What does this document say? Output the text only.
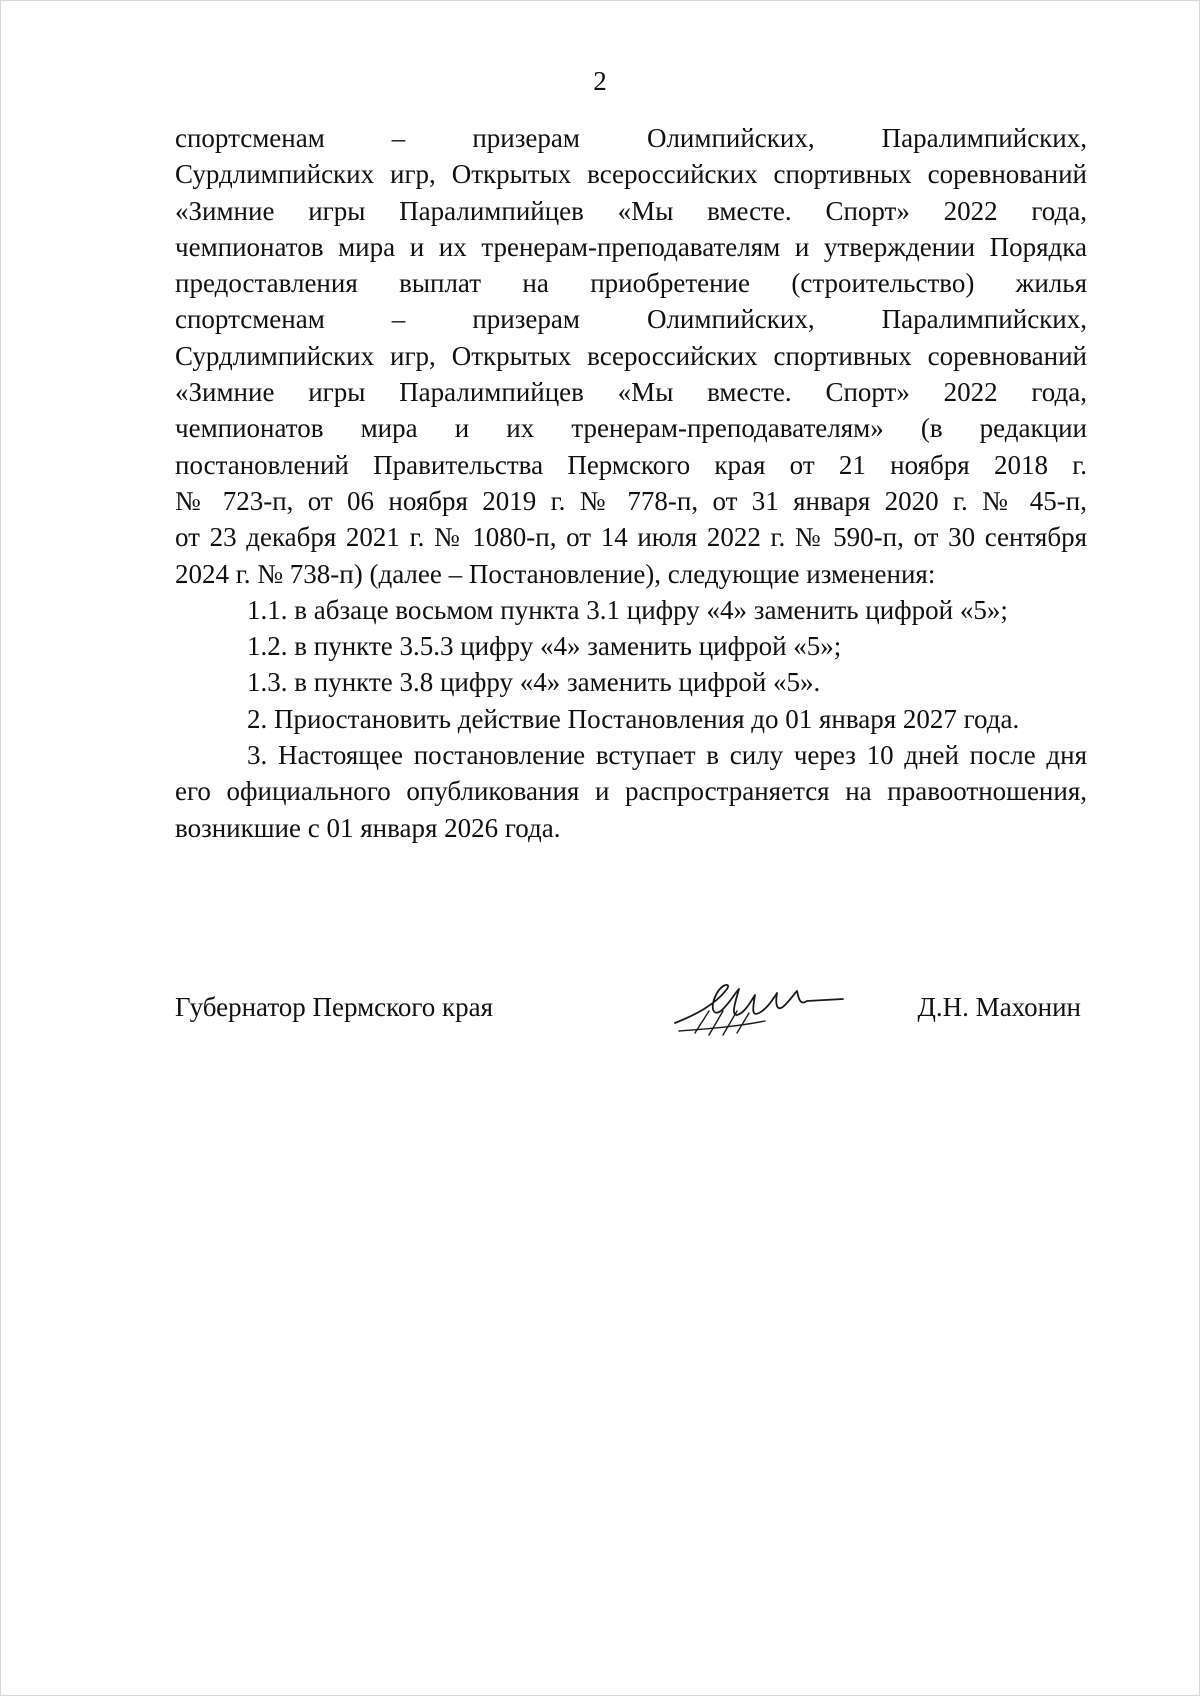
2
спортсменам – призерам Олимпийских, Паралимпийских,
Сурдлимпийских игр, Открытых всероссийских спортивных соревнований
«Зимние игры Паралимпийцев «Мы вместе. Спорт» 2022 года,
чемпионатов мира и их тренерам-преподавателям и утверждении Порядка
предоставления выплат на приобретение (строительство) жилья
спортсменам – призерам Олимпийских, Паралимпийских,
Сурдлимпийских игр, Открытых всероссийских спортивных соревнований
«Зимние игры Паралимпийцев «Мы вместе. Спорт» 2022 года,
чемпионатов мира и их тренерам-преподавателям» (в редакции
постановлений Правительства Пермского края от 21 ноября 2018 г.
№ 723-п, от 06 ноября 2019 г. № 778-п, от 31 января 2020 г. № 45-п,
от 23 декабря 2021 г. № 1080-п, от 14 июля 2022 г. № 590-п, от 30 сентября
2024 г. № 738-п) (далее – Постановление), следующие изменения:
1.1. в абзаце восьмом пункта 3.1 цифру «4» заменить цифрой «5»;
1.2. в пункте 3.5.3 цифру «4» заменить цифрой «5»;
1.3. в пункте 3.8 цифру «4» заменить цифрой «5».
2. Приостановить действие Постановления до 01 января 2027 года.
3. Настоящее постановление вступает в силу через 10 дней после дня
его официального опубликования и распространяется на правоотношения,
возникшие с 01 января 2026 года.
Губернатор Пермского края	Д.Н. Махонин
